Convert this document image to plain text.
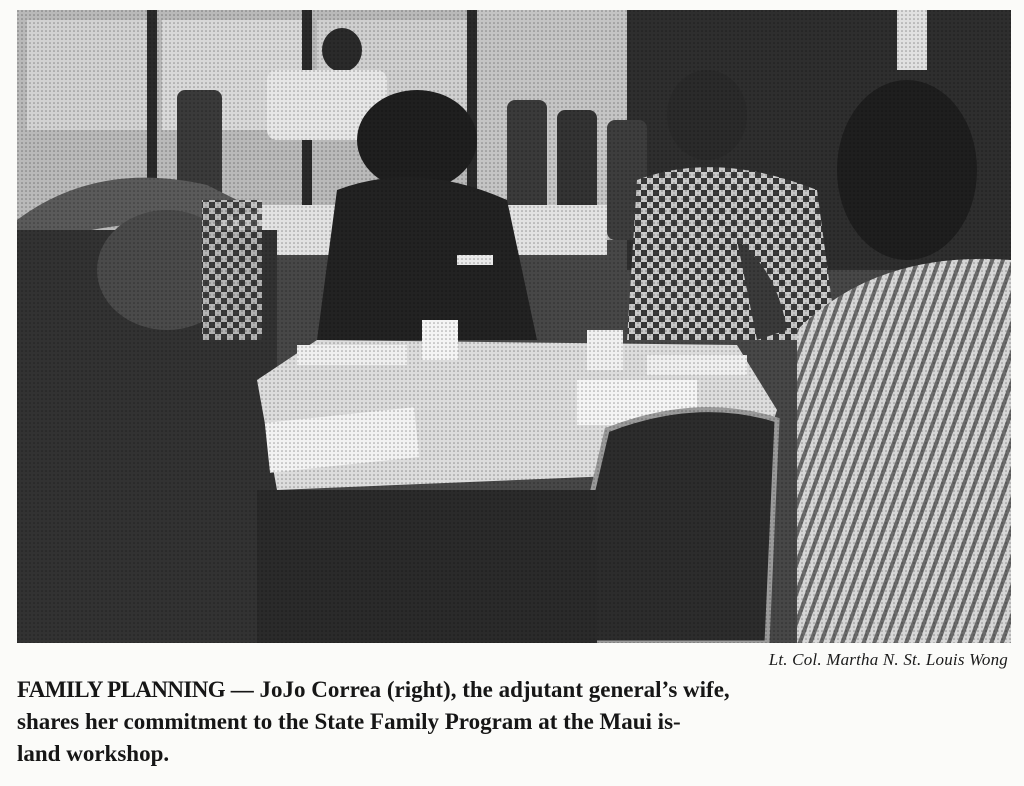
Lt. Col. Martha N. St. Louis Wong

FAMILY PLANNING — JoJo Correa (right), the adjutant general’s wife,
shares her commitment to the State Family Program at the Maui is-
land workshop.
